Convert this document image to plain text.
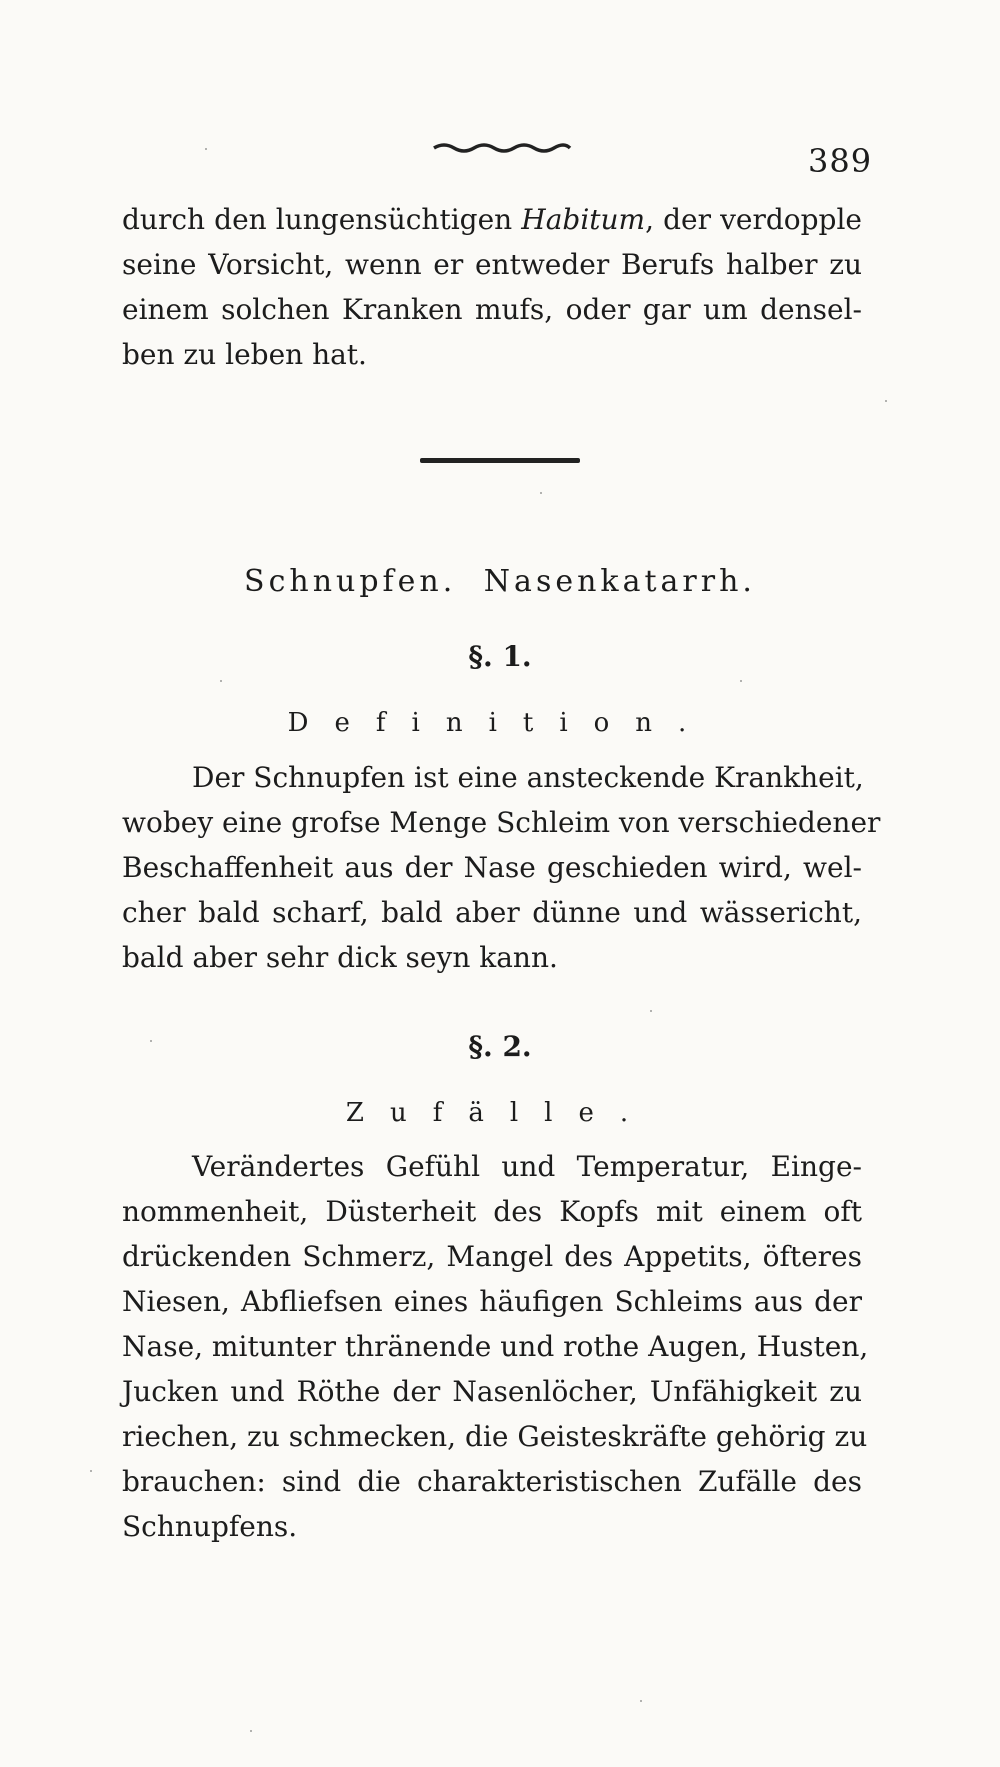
389
durch den lungensüchtigen Habitum, der verdopple
seine Vorsicht, wenn er entweder Berufs halber zu
einem solchen Kranken mufs, oder gar um densel-
ben zu leben hat.
Schnupfen. Nasenkatarrh.
§. 1.
Definition.
Der Schnupfen ist eine ansteckende Krankheit,
wobey eine grofse Menge Schleim von verschiedener
Beschaffenheit aus der Nase geschieden wird, wel-
cher bald scharf, bald aber dünne und wässericht,
bald aber sehr dick seyn kann.
§. 2.
Zufälle.
Verändertes Gefühl und Temperatur, Einge-
nommenheit, Düsterheit des Kopfs mit einem oft
drückenden Schmerz, Mangel des Appetits, öfteres
Niesen, Abfliefsen eines häufigen Schleims aus der
Nase, mitunter thränende und rothe Augen, Husten,
Jucken und Röthe der Nasenlöcher, Unfähigkeit zu
riechen, zu schmecken, die Geisteskräfte gehörig zu
brauchen: sind die charakteristischen Zufälle des
Schnupfens.
